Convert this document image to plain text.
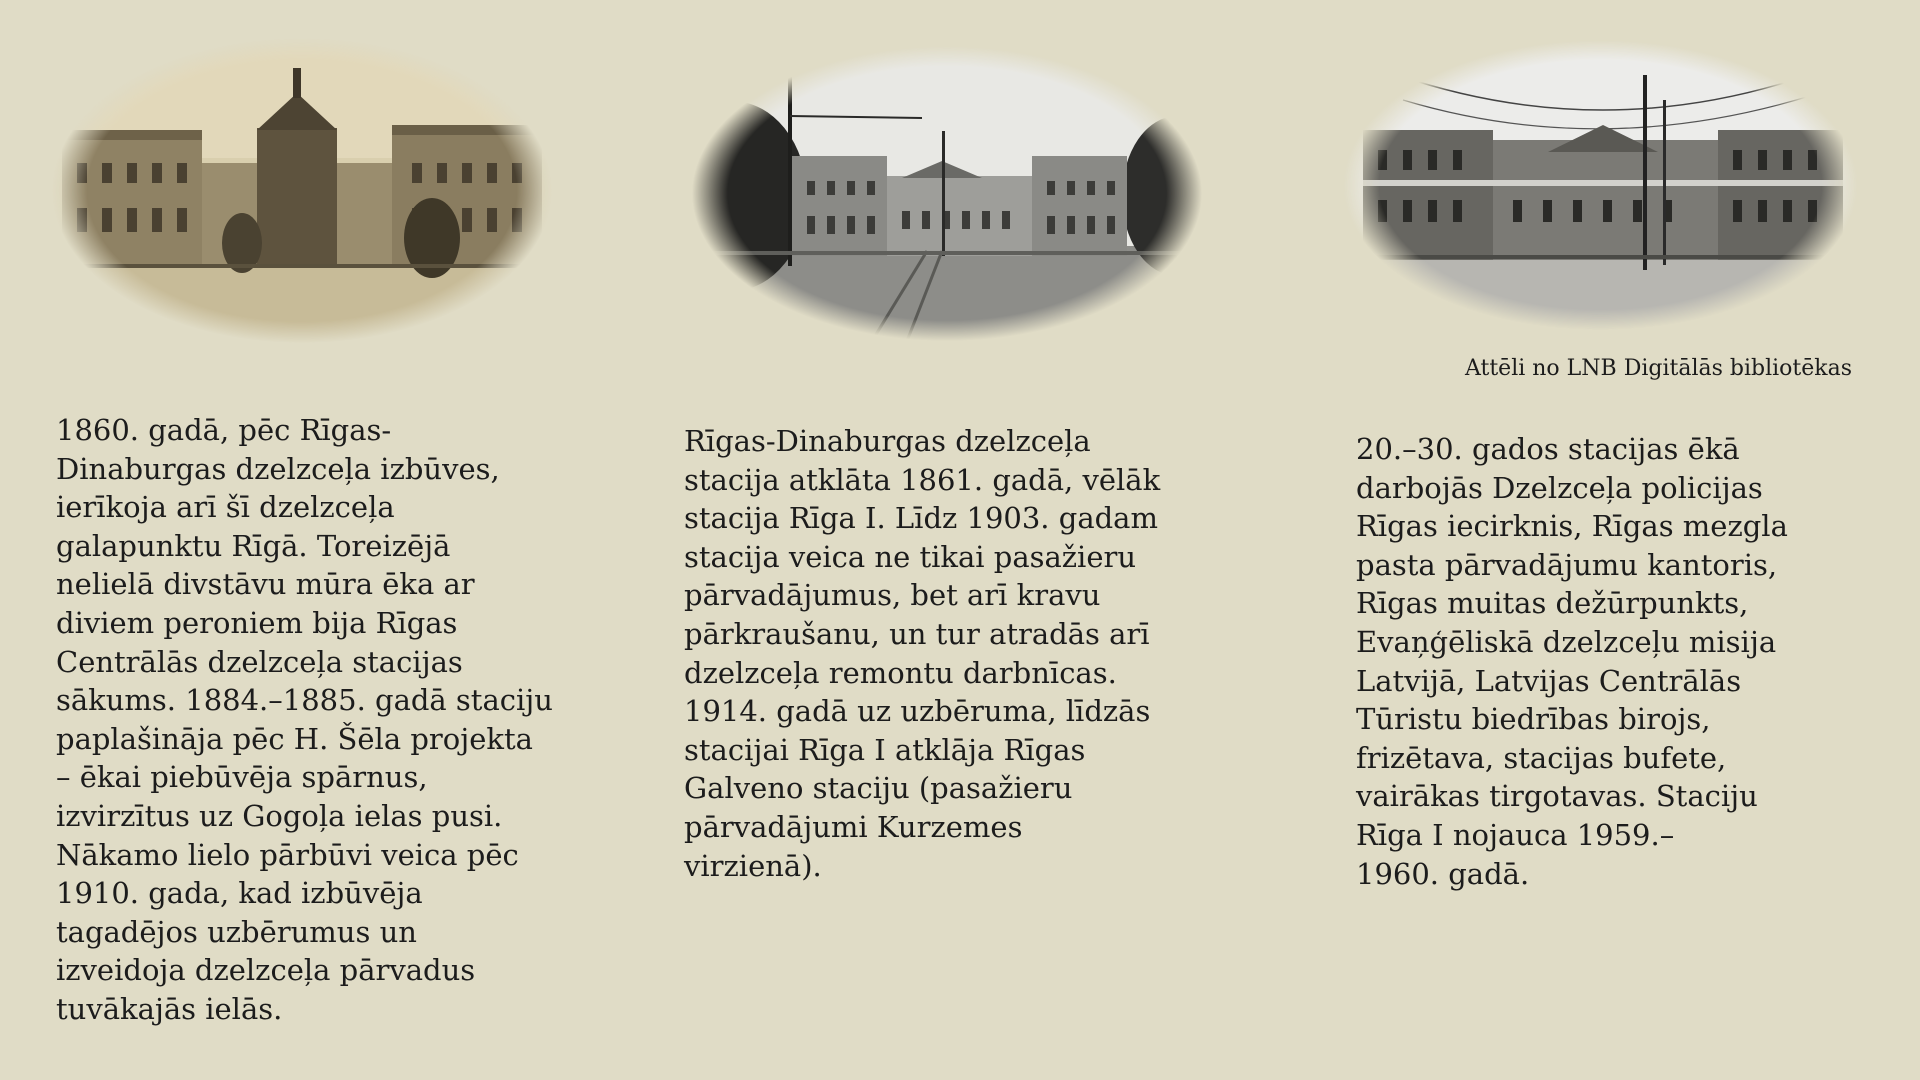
Attēli no LNB Digitālās bibliotēkas

1860. gadā, pēc Rīgas-
Dinaburgas dzelzceļa izbūves,
ierīkoja arī šī dzelzceļa
galapunktu Rīgā. Toreizējā
nelielā divstāvu mūra ēka ar
diviem peroniem bija Rīgas
Centrālās dzelzceļa stacijas
sākums. 1884.–1885. gadā staciju
paplašināja pēc H. Šēla projekta
– ēkai piebūvēja spārnus,
izvirzītus uz Gogoļa ielas pusi.
Nākamo lielo pārbūvi veica pēc
1910. gada, kad izbūvēja
tagadējos uzbērumus un
izveidoja dzelzceļa pārvadus
tuvākajās ielās.

Rīgas-Dinaburgas dzelzceļa
stacija atklāta 1861. gadā, vēlāk
stacija Rīga I. Līdz 1903. gadam
stacija veica ne tikai pasažieru
pārvadājumus, bet arī kravu
pārkraušanu, un tur atradās arī
dzelzceļa remontu darbnīcas.
1914. gadā uz uzbēruma, līdzās
stacijai Rīga I atklāja Rīgas
Galveno staciju (pasažieru
pārvadājumi Kurzemes
virzienā).

20.–30. gados stacijas ēkā
darbojās Dzelzceļa policijas
Rīgas iecirknis, Rīgas mezgla
pasta pārvadājumu kantoris,
Rīgas muitas dežūrpunkts,
Evaņģēliskā dzelzceļu misija
Latvijā, Latvijas Centrālās
Tūristu biedrības birojs,
frizētava, stacijas bufete,
vairākas tirgotavas. Staciju
Rīga I nojauca 1959.–
1960. gadā.
